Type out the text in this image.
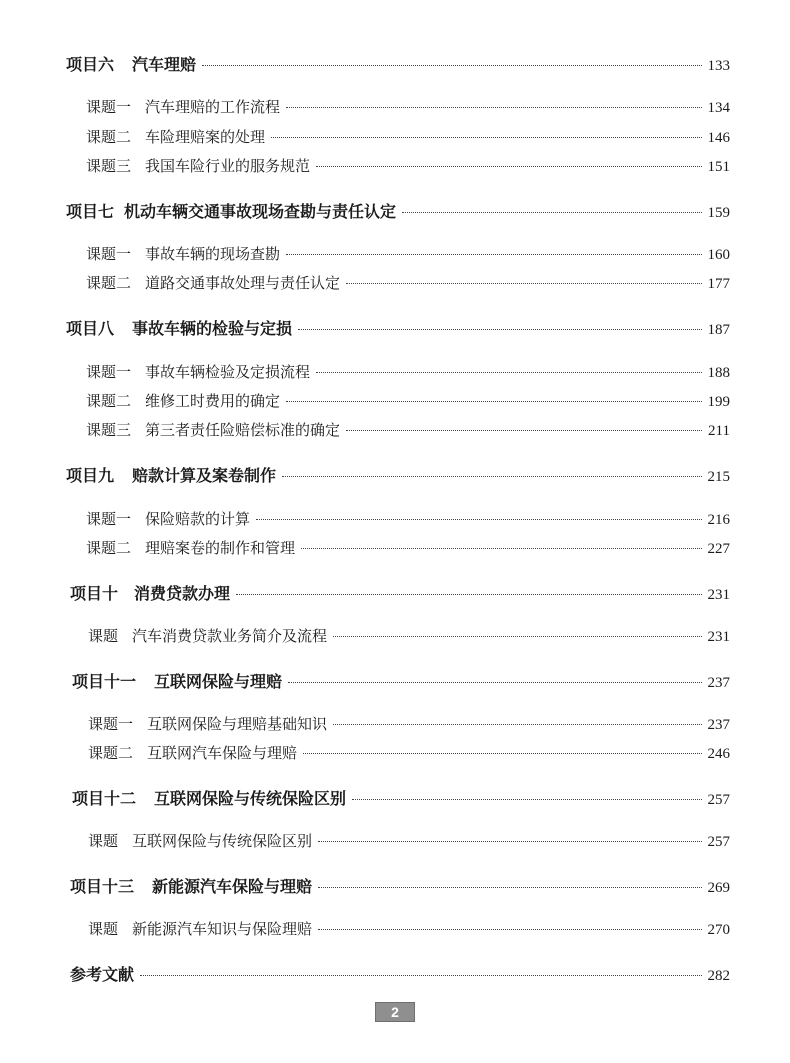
项目六 汽车理赔	133
课题一 汽车理赔的工作流程	134
课题二 车险理赔案的处理	146
课题三 我国车险行业的服务规范	151
项目七 机动车辆交通事故现场查勘与责任认定	159
课题一 事故车辆的现场查勘	160
课题二 道路交通事故处理与责任认定	177
项目八 事故车辆的检验与定损	187
课题一 事故车辆检验及定损流程	188
课题二 维修工时费用的确定	199
课题三 第三者责任险赔偿标准的确定	211
项目九 赔款计算及案卷制作	215
课题一 保险赔款的计算	216
课题二 理赔案卷的制作和管理	227
项目十 消费贷款办理	231
课题 汽车消费贷款业务简介及流程	231
项目十一 互联网保险与理赔	237
课题一 互联网保险与理赔基础知识	237
课题二 互联网汽车保险与理赔	246
项目十二 互联网保险与传统保险区别	257
课题 互联网保险与传统保险区别	257
项目十三 新能源汽车保险与理赔	269
课题 新能源汽车知识与保险理赔	270
参考文献	282
2
